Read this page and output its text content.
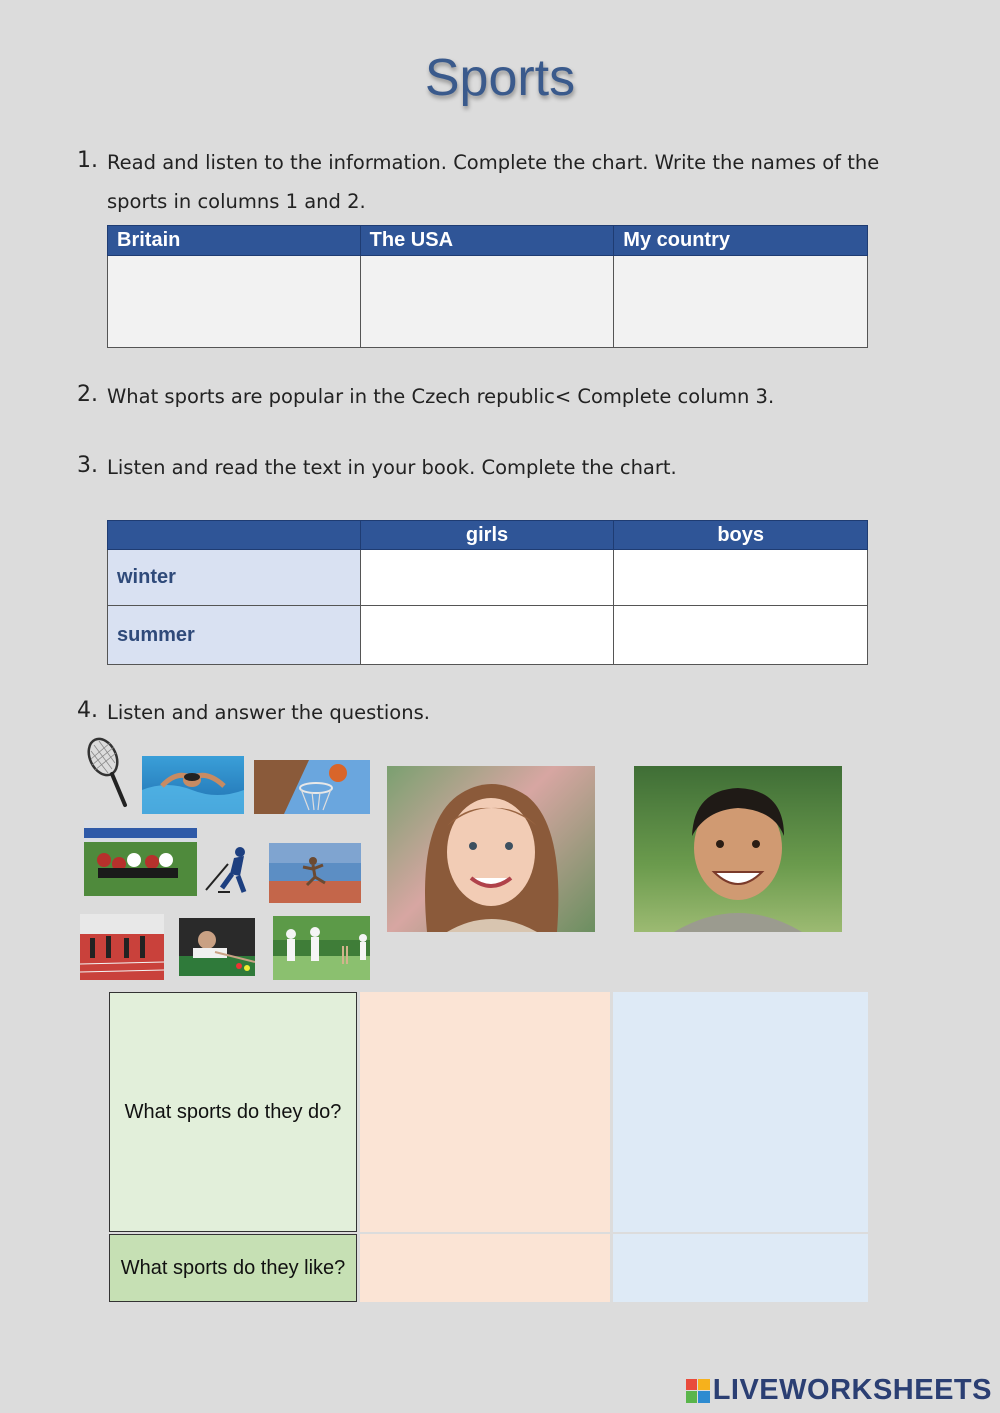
Sports
1. Read and listen to the information. Complete the chart. Write the names of the
sports in columns 1 and 2.
Britain	The USA	My country

2. What sports are popular in the Czech republic< Complete column 3.
3. Listen and read the text in your book. Complete the chart.
	girls	boys
winter		
summer		
4. Listen and answer the questions.
What sports do they do?
What sports do they like?
LIVEWORKSHEETS
